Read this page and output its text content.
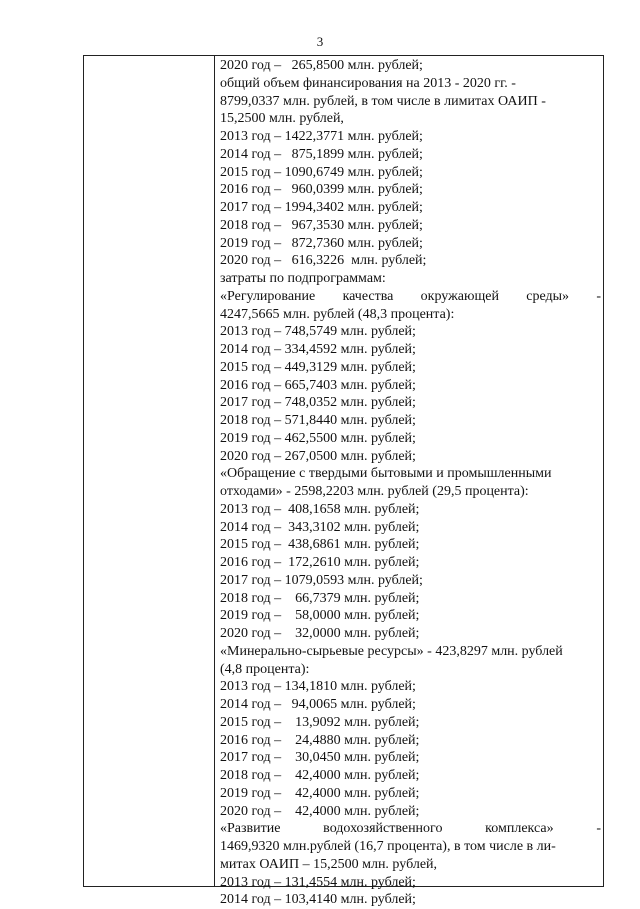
3
2020 год –   265,8500 млн. рублей;
общий объем финансирования на 2013 - 2020 гг. -
8799,0337 млн. рублей, в том числе в лимитах ОАИП -
15,2500 млн. рублей,
2013 год – 1422,3771 млн. рублей;
2014 год –   875,1899 млн. рублей;
2015 год – 1090,6749 млн. рублей;
2016 год –   960,0399 млн. рублей;
2017 год – 1994,3402 млн. рублей;
2018 год –   967,3530 млн. рублей;
2019 год –   872,7360 млн. рублей;
2020 год –   616,3226  млн. рублей;
затраты по подпрограммам:
«Регулирование качества окружающей среды» -
4247,5665 млн. рублей (48,3 процента):
2013 год – 748,5749 млн. рублей;
2014 год – 334,4592 млн. рублей;
2015 год – 449,3129 млн. рублей;
2016 год – 665,7403 млн. рублей;
2017 год – 748,0352 млн. рублей;
2018 год – 571,8440 млн. рублей;
2019 год – 462,5500 млн. рублей;
2020 год – 267,0500 млн. рублей;
«Обращение с твердыми бытовыми и промышленными
отходами» - 2598,2203 млн. рублей (29,5 процента):
2013 год –  408,1658 млн. рублей;
2014 год –  343,3102 млн. рублей;
2015 год –  438,6861 млн. рублей;
2016 год –  172,2610 млн. рублей;
2017 год – 1079,0593 млн. рублей;
2018 год –    66,7379 млн. рублей;
2019 год –    58,0000 млн. рублей;
2020 год –    32,0000 млн. рублей;
«Минерально-сырьевые ресурсы» - 423,8297 млн. рублей
(4,8 процента):
2013 год – 134,1810 млн. рублей;
2014 год –   94,0065 млн. рублей;
2015 год –    13,9092 млн. рублей;
2016 год –    24,4880 млн. рублей;
2017 год –    30,0450 млн. рублей;
2018 год –    42,4000 млн. рублей;
2019 год –    42,4000 млн. рублей;
2020 год –    42,4000 млн. рублей;
«Развитие водохозяйственного комплекса» -
1469,9320 млн.рублей (16,7 процента), в том числе в ли-
митах ОАИП – 15,2500 млн. рублей,
2013 год – 131,4554 млн. рублей;
2014 год – 103,4140 млн. рублей;
